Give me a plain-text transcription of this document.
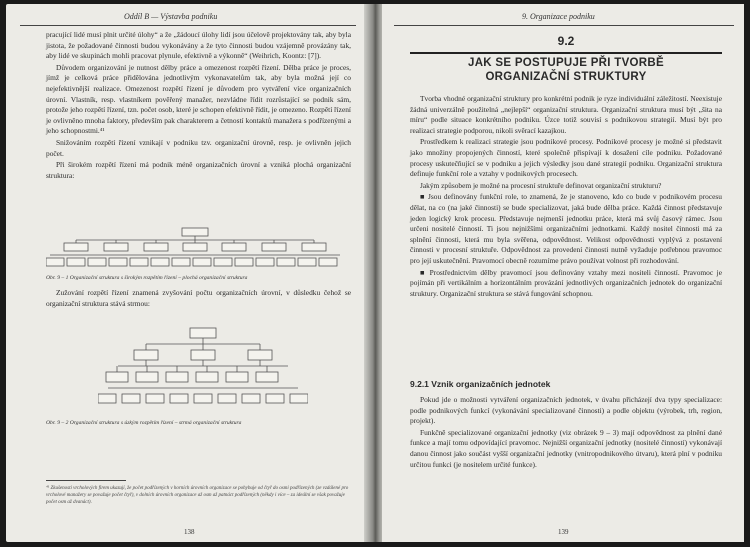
Oddíl B — Výstavba podniku

pracující lidé musí plnit určité úlohy“ a že „žádoucí úlohy lidí jsou účelově projektovány tak, aby byla jistota, že požadované činnosti budou vykonávány a že tyto činnosti budou vzájemně provázány tak, aby lidé ve skupinách mohli pracovat plynule, efektivně a výkonně“ (Weihrich, Koontz: [7]).

Důvodem organizování je nutnost dělby práce a omezenost rozpětí řízení. Dělba práce je proces, jímž je celková práce přidělována jednotlivým vykonavatelům tak, aby byla možná její co nejefektivnější realizace. Omezenost rozpětí řízení je důvodem pro vytváření více organizačních úrovní. Vlastník, resp. vlastníkem pověřený manažer, nezvládne řídit rozrůstající se podnik sám, protože jeho rozpětí řízení, tzn. počet osob, které je schopen efektivně řídit, je omezeno. Rozpětí řízení je ovlivněno mnoha faktory, především pak charakterem a četností kontaktů manažera s podřízenými a jeho schopnostmi.⁴¹

Snižováním rozpětí řízení vznikají v podniku tzv. organizační úrovně, resp. je ovlivněn jejich počet.

Při širokém rozpětí řízení má podnik méně organizačních úrovní a vzniká plochá organizační struktura:

Obr. 9 – 1 Organizační struktura s širokým rozpětím řízení – plochá organizační struktura

Zužování rozpětí řízení znamená zvyšování počtu organizačních úrovní, v důsledku čehož se organizační struktura stává strmou:

Obr. 9 – 2 Organizační struktura s úzkým rozpětím řízení – strmá organizační struktura
⁴¹ Zkušenosti vrcholových firem ukazují, že počet podřízených v horních úrovních organizace se pohybuje od čtyř do osmi podřízených (ze vzdálené pro vrcholové manažery se považuje počet čtyř), v dolních úrovních organizace až osm až patnáct podřízených (někdy i více – za ideální se však považuje počet osm až dvanáct).
138
9. Organizace podniku
9.2
JAK SE POSTUPUJE PŘI TVORBĚ
ORGANIZAČNÍ STRUKTURY

Tvorba vhodné organizační struktury pro konkrétní podnik je ryze individuální záležitostí. Neexistuje žádná univerzálně použitelná „nejlepší“ organizační struktura. Organizační struktura musí být „šita na míru“ podle situace konkrétního podniku. Úzce totiž souvisí s podnikovou strategií. Musí být pro realizaci strategie podporou, nikoli svěrací kazajkou.

Prostředkem k realizaci strategie jsou podnikové procesy. Podnikové procesy je možné si představit jako množiny propojených činností, které společně přispívají k dosažení cíle podniku. Požadované procesy uskutečňující se v podniku a jejich výsledky jsou dané strategií podniku. Organizační struktura definuje funkční role a vztahy v podnikových procesech.

Jakým způsobem je možné na procesní struktuře definovat organizační strukturu?

■ Jsou definovány funkční role, to znamená, že je stanoveno, kdo co bude v podnikovém procesu dělat, na co (na jaké činnosti) se bude specializovat, jaká bude dělba práce. Každá činnost představuje jeden logický krok procesu. Představuje nejmenší jednotku práce, která má svůj časový rámec. Jsou určeni nositelé činností. Ti jsou nejnižšími organizačními jednotkami. Každý nositel činnosti má za splnění činnosti, která mu byla svěřena, odpovědnost. Velikost odpovědnosti vyplývá z postavení činnosti v procesní struktuře. Odpovědnost za provedení činnosti nutně vyžaduje potřebnou pravomoc pro její uskutečnění. Pravomocí obecně rozumíme právo používat volnost při rozhodování.

■ Prostřednictvím dělby pravomocí jsou definovány vztahy mezi nositeli činností. Pravomoc je pojímán při vertikálním a horizontálním provázání jednotlivých organizačních jednotek do organizační struktury. Organizační struktura se stává fungování schopnou.

9.2.1 Vznik organizačních jednotek

Pokud jde o možnosti vytváření organizačních jednotek, v úvahu přicházejí dva typy specializace: podle podnikových funkcí (vykonávání specializované činnosti) a podle objektu (výrobek, trh, region, projekt).

Funkčně specializované organizační jednotky (viz obrázek 9 – 3) mají odpovědnost za plnění dané funkce a mají tomu odpovídající pravomoc. Nejnižší organizační jednotky (nositelé činností) vykonávají danou činnost jako součást vyšší organizační jednotky (vnitropodnikového útvaru), která plní v podniku určitou funkci (je nositelem určité funkce).

139
